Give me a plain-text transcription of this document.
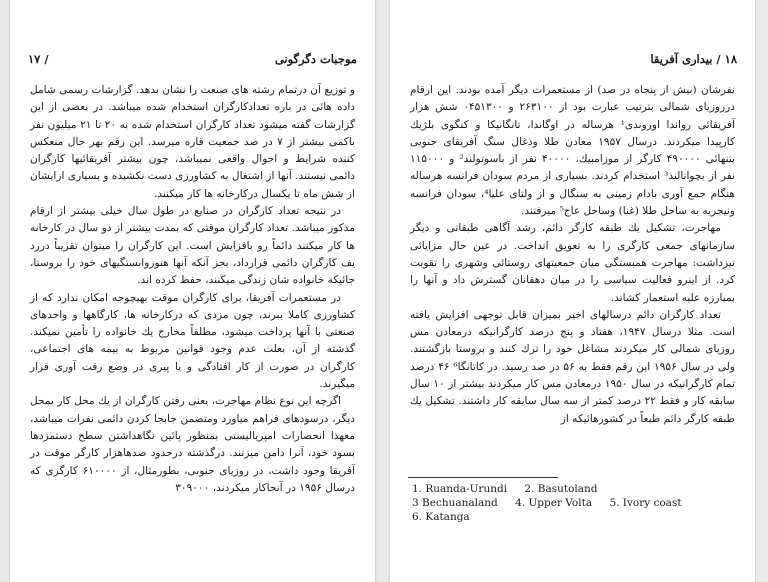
موجبات دگرگونی
/ ۱۷

و توزیع آن درتمام رشته های صنعت را نشان بدهد. گزارشات رسمی شامل داده هائی در باره تعدادکارگران استخدام شده میباشد. در بعضی از این گزارشات گفته میشود تعداد کارگران استخدام شده به ۲۰ تا ۲۱ میلیون نفر باکمی بیشتر از ۷ در صد جمعیت قاره میرسد. این رقم بهر حال منعکس کننده شرایط و احوال واقعی نمیباشد، چون بیشتر آفریقائیها کارگران دائمی نیستند. آنها از اشتغال به کشاورزی دست نکشیده و بسیاری ازایشان از شش ماه تا یکسال درکارخانه ها کار میکنند.

در نتیجه تعداد کارگران در صنایع در طول سال خیلی بیشتر از ارقام مذکور میباشد. تعداد کارگران موقتی که بمدت بیشتر از دو سال در کارخانه ها کار میکنند دائماً رو بافزایش است. این کارگران را میتوان تقریباً دررد یف کارگران دائمی قرارداد، بجز آنکه آنها هنوزوابستگیهای خود را بروستا، جائیکه خانواده شان زندگی میکنند، حفظ کرده اند.

در مستعمرات آفریقا، برای کارگران موقت بهیچوجه امکان ندارد که از کشاورزی کاملا ببرند، چون مزدی که درکارخانه ها، کارگاهها و واحدهای صنعتی با آنها پرداخت میشود، مطلقاً مخارج یك خانواده را تأمین نمیکند. گذشته از آن، بعلت عدم وجود قوانین مربوط به بیمه های اجتماعی، کارگران در صورت از کار افتادگی و یا پیری در وضع رقت آوری قرار میگیرند.

اگرچه این نوع نظام مهاجرت، یعنی رفتن کارگران از یك محل کار بمحل دیگر، درسودهای فراهم میاورد ومتضمن جابجا کردن دائمی نفرات میباشد، معهذا انحصارات امپریالیستی بمنظور پائین نگاهداشتن سطح دستمزدها بسود خود، آنرا دامن میزنند. درگذشته درحدود صدهاهزار کارگر موقت در آفریقا وجود داشت، در روزیای جنوبی، بطورمثال، از ۶۱۰۰۰۰ کارگری که درسال ۱۹۵۶ در آنجاکار میکردند، ۳۰۹۰۰۰

۱۸ / بیداری آفریقا

نفرشان (بیش از پنجاه در صد) از مستعمرات دیگر آمده بودند. این ارقام درروزیای شمالی بترتیب عبارت بود از ۲۶۳۱۰۰ و ۰۴۵۱۳۰۰ شش هزار آفریقائی رواندا اوروندی¹ هرساله در اوگاندا، تانگانیکا و کنگوی بلژیك کارپیدا میکردند. درسال ۱۹۵۷ معادن طلا وذغال سنگ آفریقای جنوبی بتنهائی ۴۹۰۰۰۰ کارگر از موزامبیك، ۴۰۰۰۰ نفر از باسوتولند² و ۱۱۵۰۰۰ نفر از بچوانالند³ استخدام کردند. بسیاری از مردم سودان فرانسه هرساله هنگام جمع آوری بادام زمینی به سنگال و از ولتای علیا⁴، سودان فرانسه ونیجریه به ساحل طلا (غنا) وساحل عاج⁵ میرفتند.

مهاجرت، تشکیل یك طبقه کارگر دائم، رشد آگاهی طبقاتی و دیگر سازمانهای جمعی کارگری را به تعویق انداخت. در عین حال مزایائی نیزداشت: مهاجرت همبستگی میان جمعیتهای روستائی وشهری را تقویت کرد. از اینرو فعالیت سیاسی را در میان دهقانان گسترش داد و آنها را بمبارزه علیه استعمار کشاند.

تعداد کارگران دائم درسالهای اخیر بمیزان قابل توجهی افزایش یافته است. مثلا درسال ۱۹۴۷، هفتاد و پنج درصد کارگرانیکه درمعادن مس روزیای شمالی کار میکردند مشاغل خود را ترك کنند و بروستا بازگشتند. ولی در سال ۱۹۵۶ این رقم فقط به ۵۶ در صد رسید. در کاتانگا⁶ ۴۶ درصد تمام کارگرانیکه در سال ۱۹۵۰ درمعادن مس کار میکردند بیشتر از ۱۰ سال سابقه کار و فقط ۲۲ درصد کمتر از سه سال سابقه کار داشتند. تشکیل یك طبقه کارگر دائم طبعاً در کشورهائیکه از

1. Ruanda-Urundi 2. Basutoland
3 Bechuanaland 4. Upper Volta 5. Ivory coast
6. Katanga
